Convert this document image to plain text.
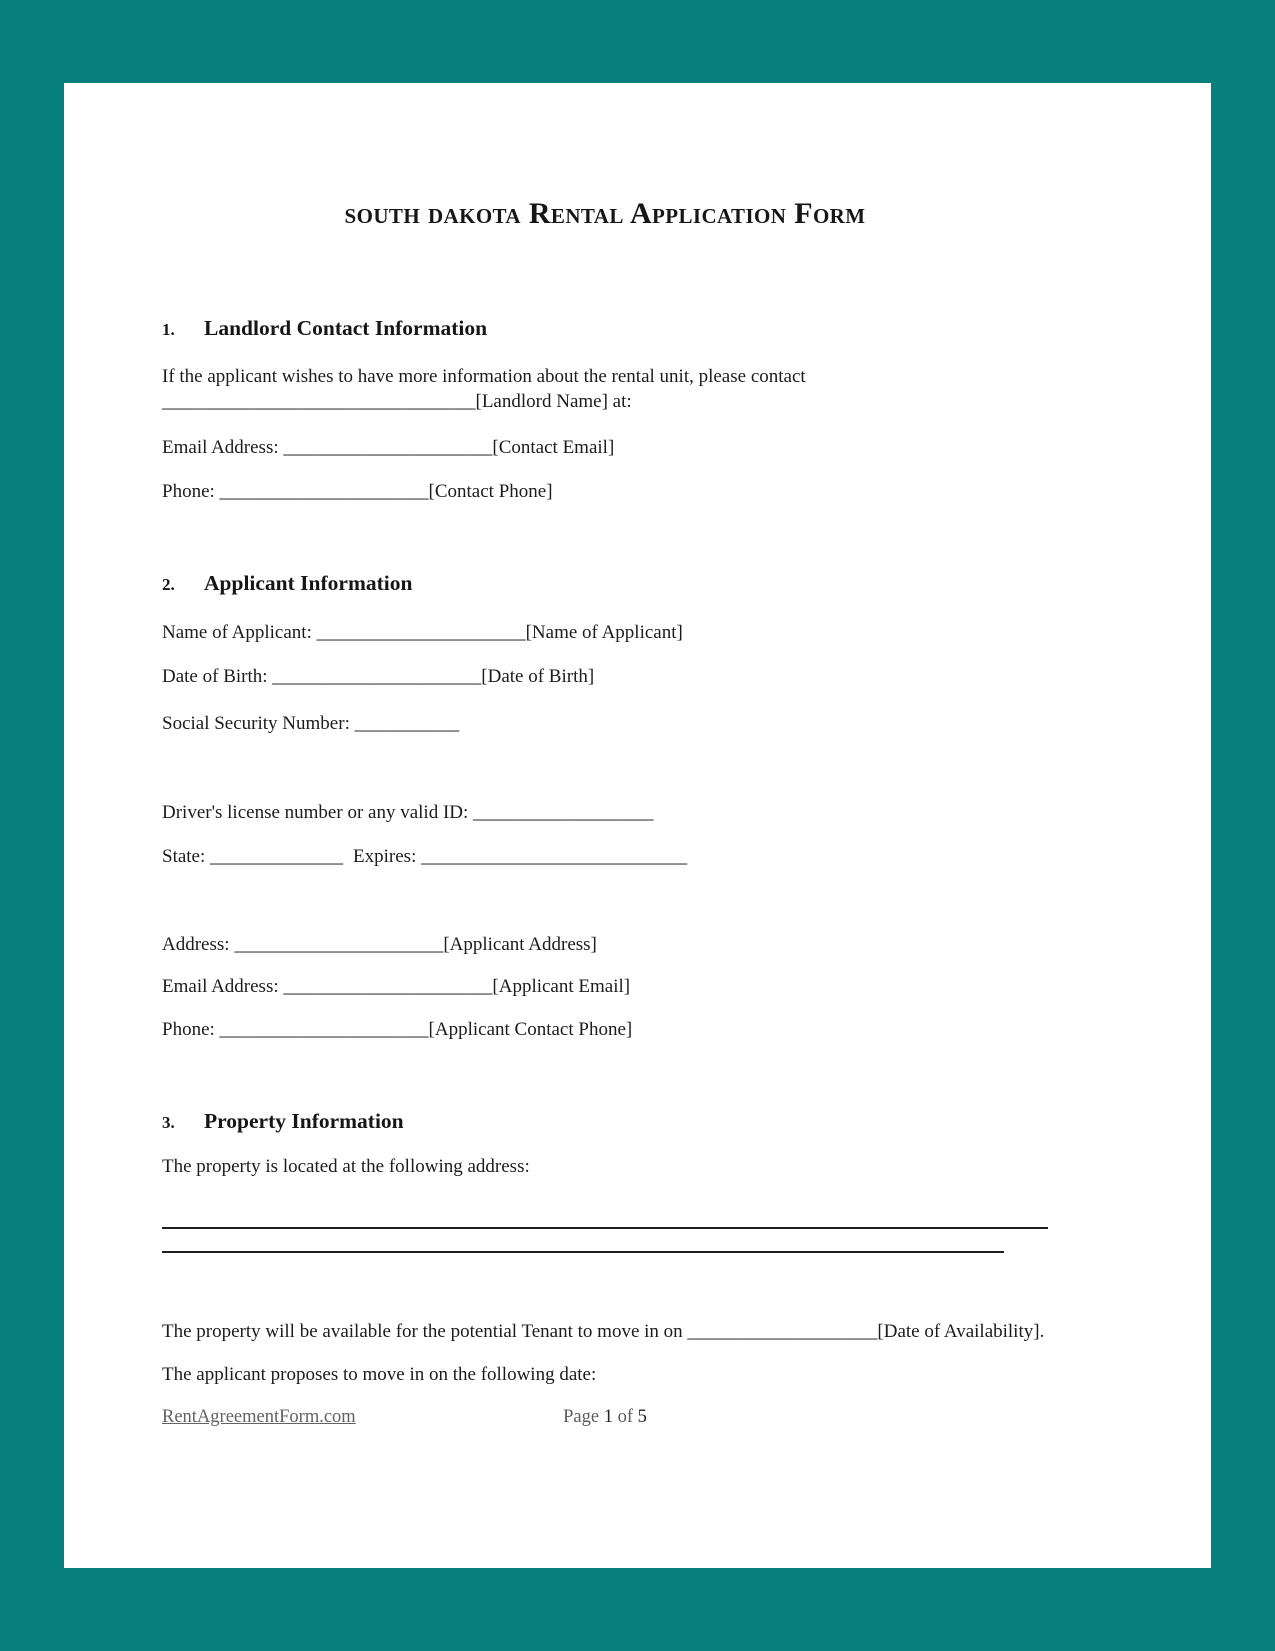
south dakota Rental Application Form
1.	Landlord Contact Information

If the applicant wishes to have more information about the rental unit, please contact _________________________________[Landlord Name] at:

Email Address: ______________________[Contact Email]

Phone: ______________________[Contact Phone]

2.	Applicant Information

Name of Applicant: ______________________[Name of Applicant]

Date of Birth: ______________________[Date of Birth]

Social Security Number: ___________

Driver's license number or any valid ID: ___________________

State: ______________ Expires: ____________________________

Address: ______________________[Applicant Address]

Email Address: ______________________[Applicant Email]

Phone: ______________________[Applicant Contact Phone]

3.	Property Information

The property is located at the following address:

The property will be available for the potential Tenant to move in on ____________________[Date of Availability].

The applicant proposes to move in on the following date:

RentAgreementForm.com	Page 1 of 5
